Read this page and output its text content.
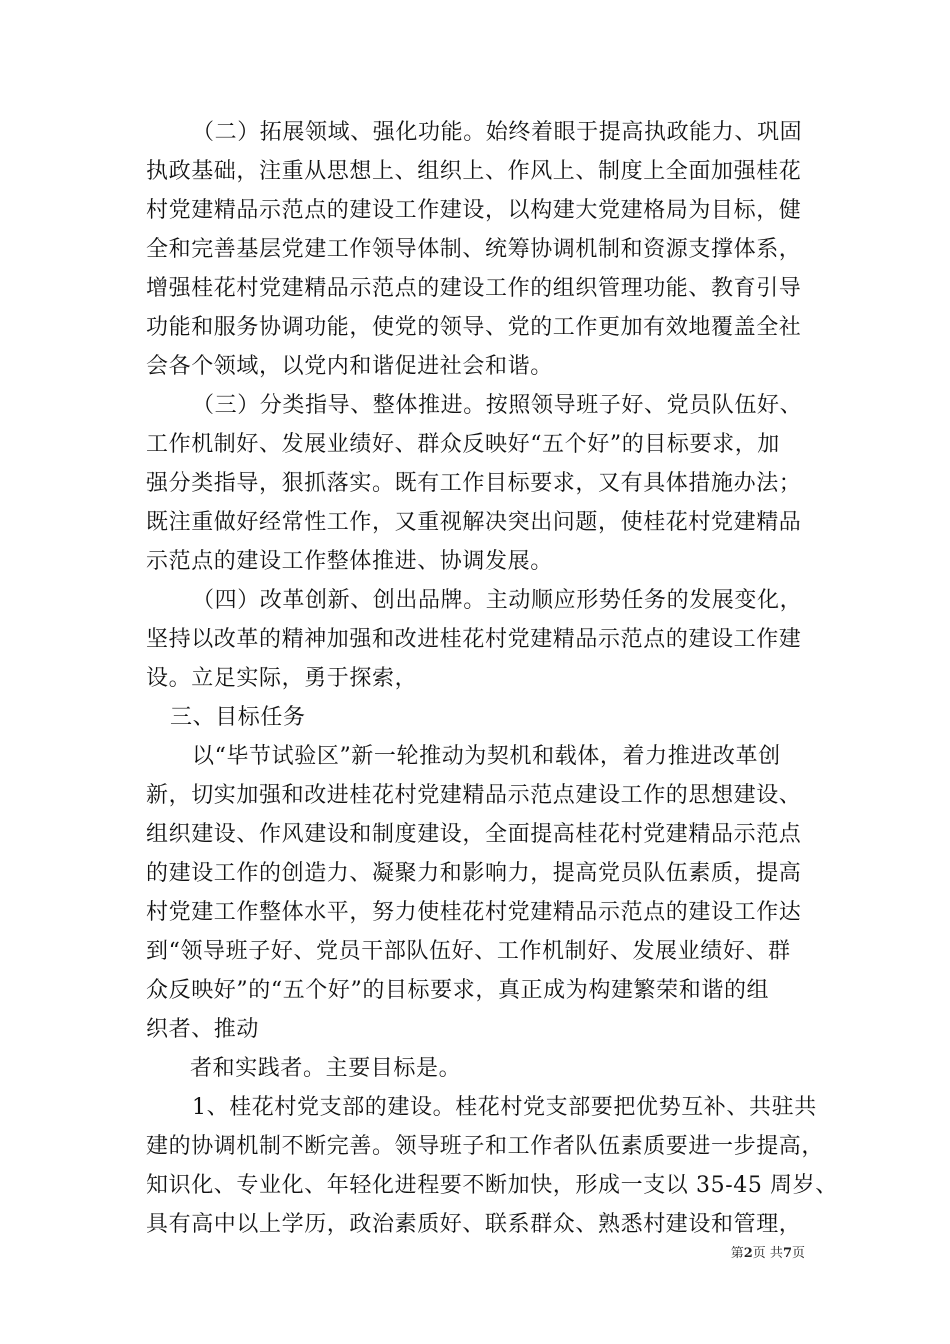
（二）拓展领域、强化功能。始终着眼于提高执政能力、巩固
执政基础，注重从思想上、组织上、作风上、制度上全面加强桂花
村党建精品示范点的建设工作建设，以构建大党建格局为目标，健
全和完善基层党建工作领导体制、统筹协调机制和资源支撑体系，
增强桂花村党建精品示范点的建设工作的组织管理功能、教育引导
功能和服务协调功能，使党的领导、党的工作更加有效地覆盖全社
会各个领域，以党内和谐促进社会和谐。
（三）分类指导、整体推进。按照领导班子好、党员队伍好、
工作机制好、发展业绩好、群众反映好“五个好”的目标要求，加
强分类指导，狠抓落实。既有工作目标要求，又有具体措施办法；
既注重做好经常性工作，又重视解决突出问题，使桂花村党建精品
示范点的建设工作整体推进、协调发展。
（四）改革创新、创出品牌。主动顺应形势任务的发展变化，
坚持以改革的精神加强和改进桂花村党建精品示范点的建设工作建
设。立足实际，勇于探索，
三、目标任务
以“毕节试验区”新一轮推动为契机和载体，着力推进改革创
新，切实加强和改进桂花村党建精品示范点建设工作的思想建设、
组织建设、作风建设和制度建设，全面提高桂花村党建精品示范点
的建设工作的创造力、凝聚力和影响力，提高党员队伍素质，提高
村党建工作整体水平，努力使桂花村党建精品示范点的建设工作达
到“领导班子好、党员干部队伍好、工作机制好、发展业绩好、群
众反映好”的“五个好”的目标要求，真正成为构建繁荣和谐的组
织者、推动
者和实践者。主要目标是。
1、桂花村党支部的建设。桂花村党支部要把优势互补、共驻共
建的协调机制不断完善。领导班子和工作者队伍素质要进一步提高，
知识化、专业化、年轻化进程要不断加快，形成一支以 35-45 周岁、
具有高中以上学历，政治素质好、联系群众、熟悉村建设和管理，
第2页 共7页
